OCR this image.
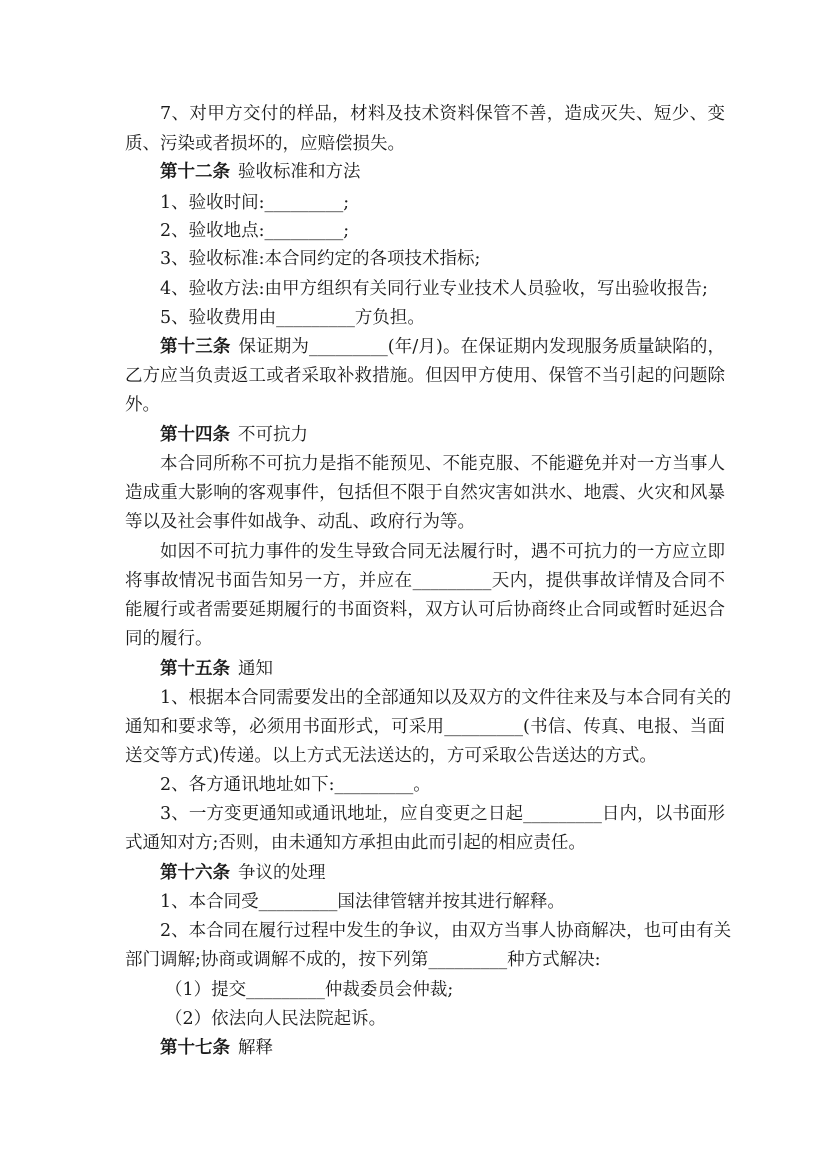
7、对甲方交付的样品，材料及技术资料保管不善，造成灭失、短少、变
质、污染或者损坏的，应赔偿损失。
第十二条 验收标准和方法
1、验收时间:_________;
2、验收地点:_________;
3、验收标准:本合同约定的各项技术指标;
4、验收方法:由甲方组织有关同行业专业技术人员验收，写出验收报告;
5、验收费用由_________方负担。
第十三条 保证期为_________(年/月)。在保证期内发现服务质量缺陷的，
乙方应当负责返工或者采取补救措施。但因甲方使用、保管不当引起的问题除
外。
第十四条 不可抗力
本合同所称不可抗力是指不能预见、不能克服、不能避免并对一方当事人
造成重大影响的客观事件，包括但不限于自然灾害如洪水、地震、火灾和风暴
等以及社会事件如战争、动乱、政府行为等。
如因不可抗力事件的发生导致合同无法履行时，遇不可抗力的一方应立即
将事故情况书面告知另一方，并应在_________天内，提供事故详情及合同不
能履行或者需要延期履行的书面资料，双方认可后协商终止合同或暂时延迟合
同的履行。
第十五条 通知
1、根据本合同需要发出的全部通知以及双方的文件往来及与本合同有关的
通知和要求等，必须用书面形式，可采用_________(书信、传真、电报、当面
送交等方式)传递。以上方式无法送达的，方可采取公告送达的方式。
2、各方通讯地址如下:_________。
3、一方变更通知或通讯地址，应自变更之日起_________日内，以书面形
式通知对方;否则，由未通知方承担由此而引起的相应责任。
第十六条 争议的处理
1、本合同受_________国法律管辖并按其进行解释。
2、本合同在履行过程中发生的争议，由双方当事人协商解决，也可由有关
部门调解;协商或调解不成的，按下列第_________种方式解决:
（1）提交_________仲裁委员会仲裁;
（2）依法向人民法院起诉。
第十七条 解释
